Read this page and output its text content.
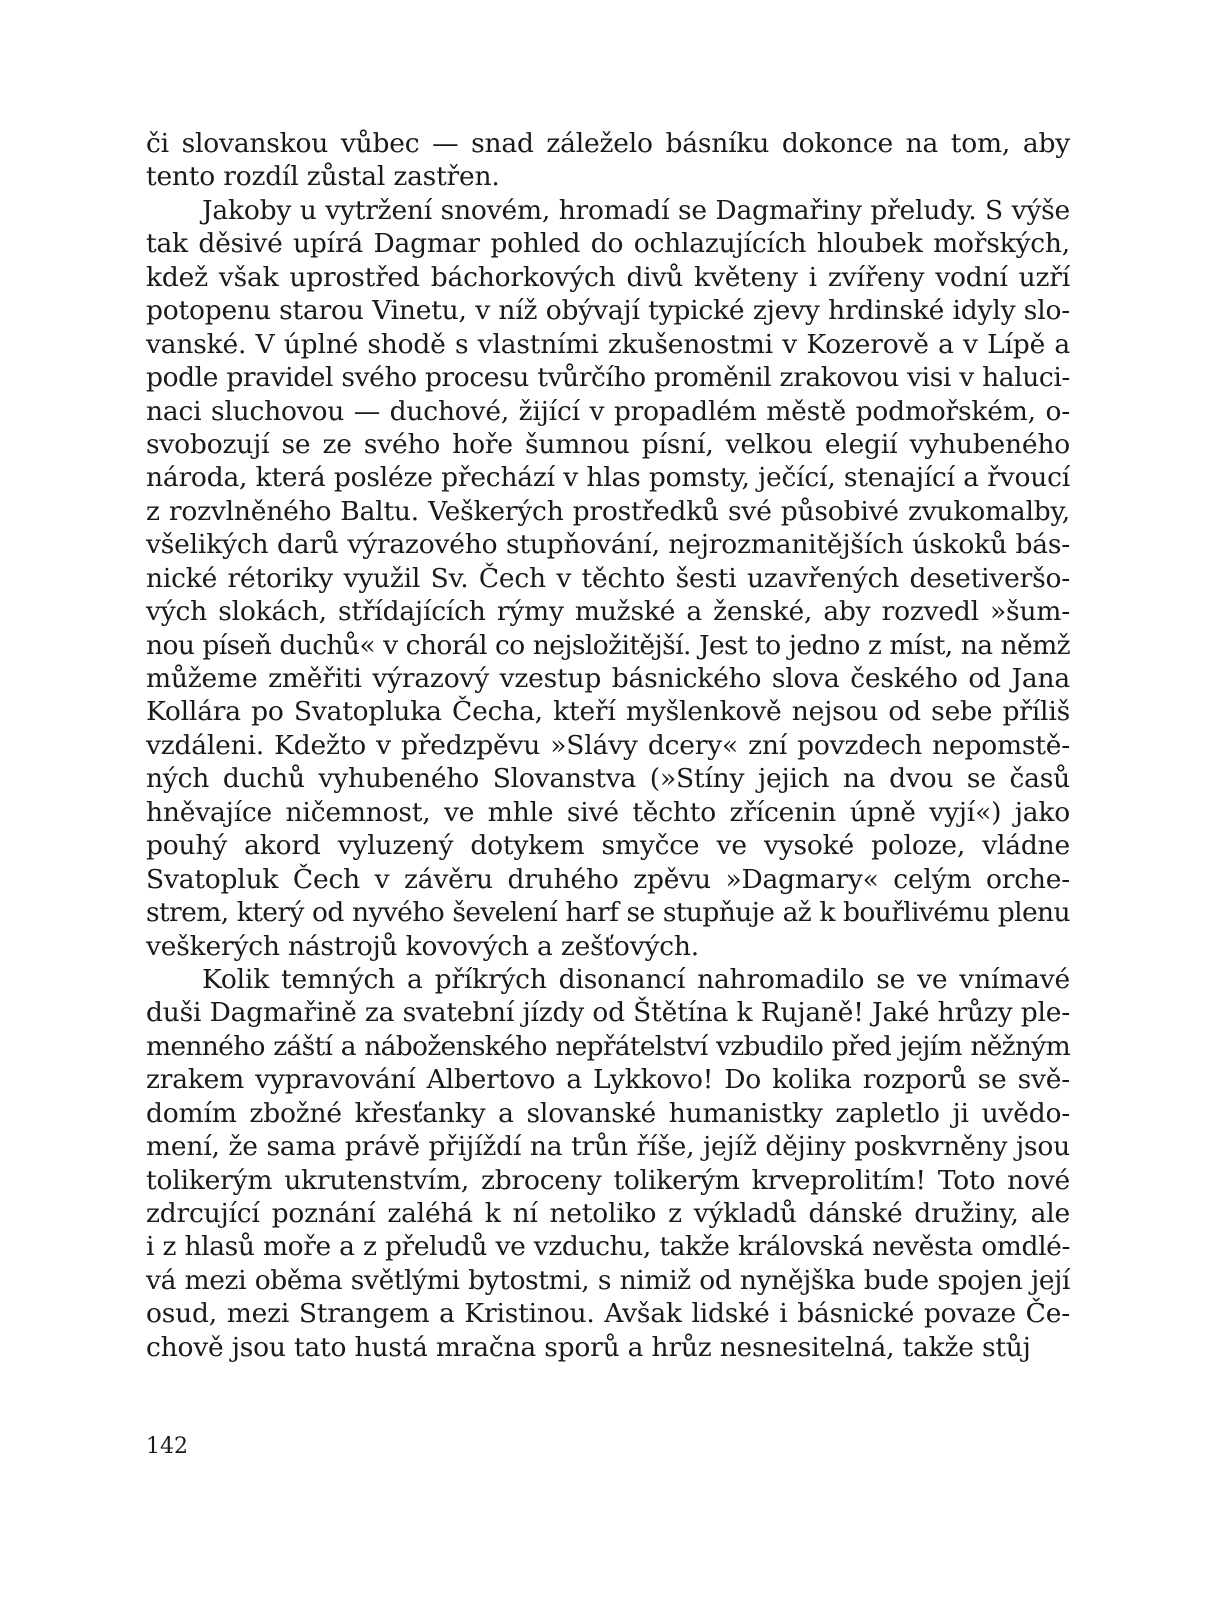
či slovanskou vůbec — snad záleželo básníku dokonce na tom, aby
tento rozdíl zůstal zastřen.
Jakoby u vytržení snovém, hromadí se Dagmařiny přeludy. S výše
tak děsivé upírá Dagmar pohled do ochlazujících hloubek mořských,
kdež však uprostřed báchorkových divů květeny i zvířeny vodní uzří
potopenu starou Vinetu, v níž obývají typické zjevy hrdinské idyly slo-
vanské. V úplné shodě s vlastními zkušenostmi v Kozerově a v Lípě a
podle pravidel svého procesu tvůrčího proměnil zrakovou visi v haluci-
naci sluchovou — duchové, žijící v propadlém městě podmořském, o-
svobozují se ze svého hoře šumnou písní, velkou elegií vyhubeného
národa, která posléze přechází v hlas pomsty, ječící, stenající a řvoucí
z rozvlněného Baltu. Veškerých prostředků své působivé zvukomalby,
všelikých darů výrazového stupňování, nejrozmanitějších úskoků bás-
nické rétoriky využil Sv. Čech v těchto šesti uzavřených desetiveršo-
vých slokách, střídajících rýmy mužské a ženské, aby rozvedl »šum-
nou píseň duchů« v chorál co nejsložitější. Jest to jedno z míst, na němž
můžeme změřiti výrazový vzestup básnického slova českého od Jana
Kollára po Svatopluka Čecha, kteří myšlenkově nejsou od sebe příliš
vzdáleni. Kdežto v předzpěvu »Slávy dcery« zní povzdech nepomstě-
ných duchů vyhubeného Slovanstva (»Stíny jejich na dvou se časů
hněvajíce ničemnost, ve mhle sivé těchto zřícenin úpně vyjí«) jako
pouhý akord vyluzený dotykem smyčce ve vysoké poloze, vládne
Svatopluk Čech v závěru druhého zpěvu »Dagmary« celým orche-
strem, který od nyvého ševelení harf se stupňuje až k bouřlivému plenu
veškerých nástrojů kovových a zešťových.
Kolik temných a příkrých disonancí nahromadilo se ve vnímavé
duši Dagmařině za svatební jízdy od Štětína k Rujaně! Jaké hrůzy ple-
menného záští a náboženského nepřátelství vzbudilo před jejím něžným
zrakem vypravování Albertovo a Lykkovo! Do kolika rozporů se svě-
domím zbožné křesťanky a slovanské humanistky zapletlo ji uvědo-
mení, že sama právě přijíždí na trůn říše, jejíž dějiny poskvrněny jsou
tolikerým ukrutenstvím, zbroceny tolikerým krveprolitím! Toto nové
zdrcující poznání zaléhá k ní netoliko z výkladů dánské družiny, ale
i z hlasů moře a z přeludů ve vzduchu, takže královská nevěsta omdlé-
vá mezi oběma světlými bytostmi, s nimiž od nynějška bude spojen její
osud, mezi Strangem a Kristinou. Avšak lidské i básnické povaze Če-
chově jsou tato hustá mračna sporů a hrůz nesnesitelná, takže stůj
142
